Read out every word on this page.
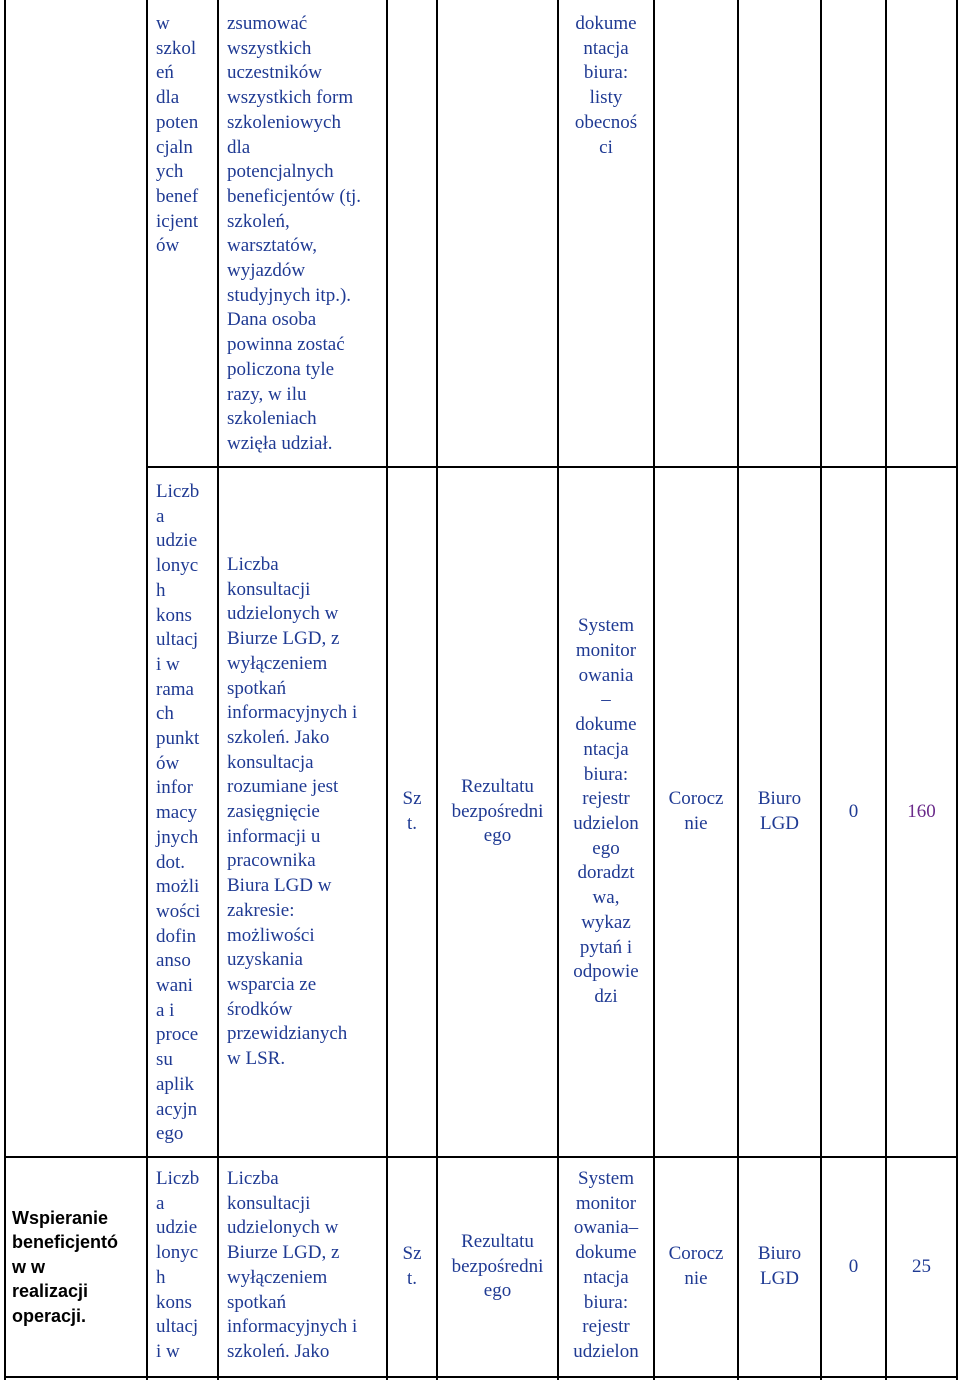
w
szkol
eń
dla
poten
cjaln
ych
benef
icjent
ów
zsumować
wszystkich
uczestników
wszystkich form
szkoleniowych
dla
potencjalnych
beneficjentów (tj.
szkoleń,
warsztatów,
wyjazdów
studyjnych itp.).
Dana osoba
powinna zostać
policzona tyle
razy, w ilu
szkoleniach
wzięła udział.
dokume
ntacja
biura:
listy
obecnoś
ci
Liczb
a
udzie
lonyc
h
kons
ultacj
i w
rama
ch
punkt
ów
infor
macy
jnych
dot.
możli
wości
dofin
anso
wani
a i
proce
su
aplik
acyjn
ego
Liczba
konsultacji
udzielonych w
Biurze LGD, z
wyłączeniem
spotkań
informacyjnych i
szkoleń. Jako
konsultacja
rozumiane jest
zasięgnięcie
informacji u
pracownika
Biura LGD w
zakresie:
możliwości
uzyskania
wsparcia ze
środków
przewidzianych
w LSR.
Sz
t.
Rezultatu
bezpośredni
ego
System
monitor
owania
–
dokume
ntacja
biura:
rejestr
udzielon
ego
doradzt
wa,
wykaz
pytań i
odpowie
dzi
Corocz
nie
Biuro
LGD
0	160
Wspieranie
beneficjentó
w w
realizacji
operacji.
Liczb
a
udzie
lonyc
h
kons
ultacj
i w
Liczba
konsultacji
udzielonych w
Biurze LGD, z
wyłączeniem
spotkań
informacyjnych i
szkoleń. Jako
Sz
t.
Rezultatu
bezpośredni
ego
System
monitor
owania–
dokume
ntacja
biura:
rejestr
udzielon
Corocz
nie
Biuro
LGD
0	25
